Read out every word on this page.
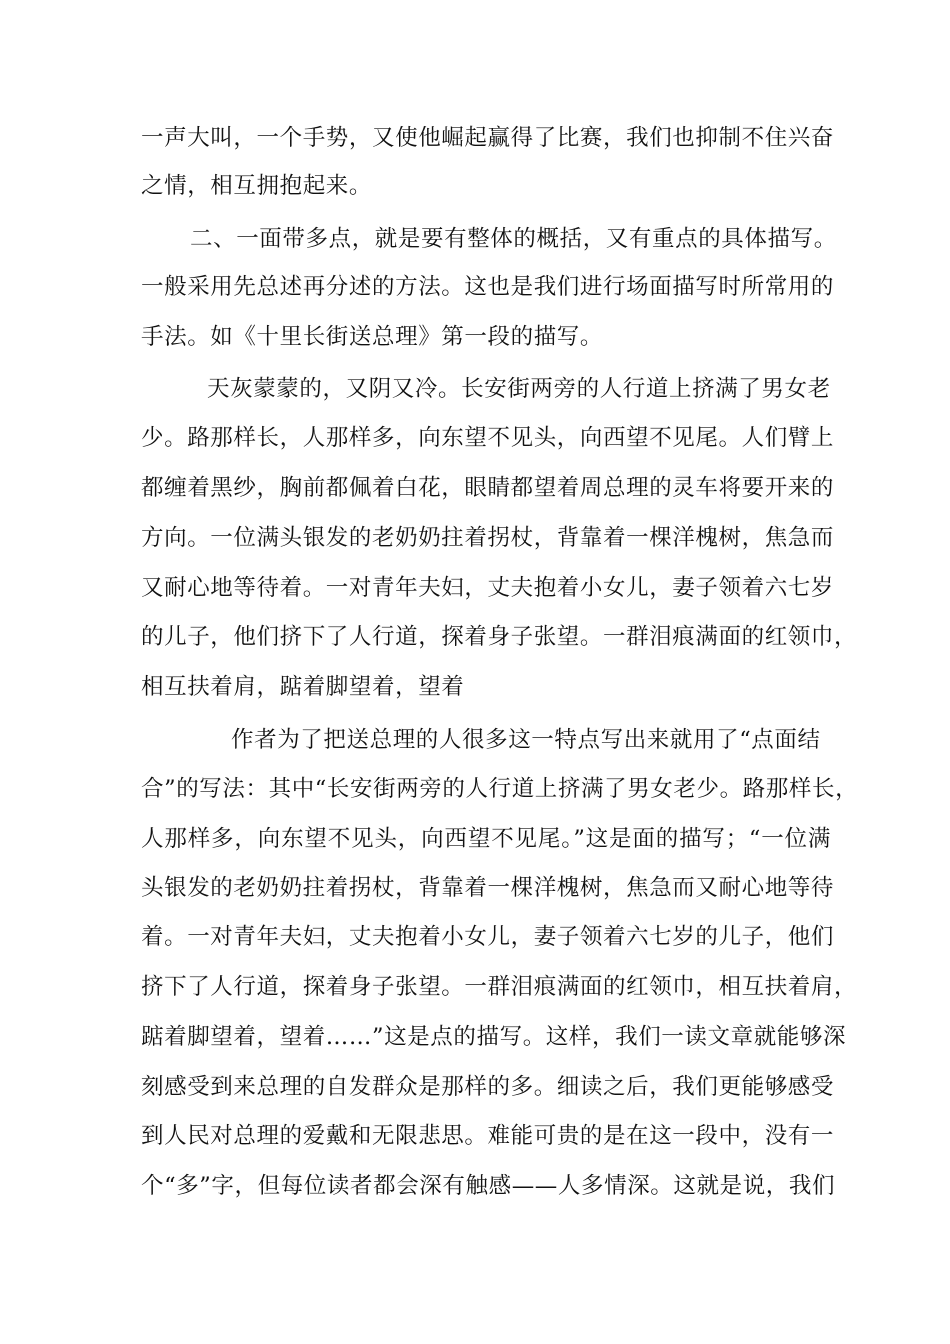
一声大叫，一个手势，又使他崛起赢得了比赛，我们也抑制不住兴奋
之情，相互拥抱起来。
二、一面带多点，就是要有整体的概括，又有重点的具体描写。
一般采用先总述再分述的方法。这也是我们进行场面描写时所常用的
手法。如《十里长街送总理》第一段的描写。
天灰蒙蒙的，又阴又冷。长安街两旁的人行道上挤满了男女老
少。路那样长，人那样多，向东望不见头，向西望不见尾。人们臂上
都缠着黑纱，胸前都佩着白花，眼睛都望着周总理的灵车将要开来的
方向。一位满头银发的老奶奶拄着拐杖，背靠着一棵洋槐树，焦急而
又耐心地等待着。一对青年夫妇，丈夫抱着小女儿，妻子领着六七岁
的儿子，他们挤下了人行道，探着身子张望。一群泪痕满面的红领巾，
相互扶着肩，踮着脚望着，望着
作者为了把送总理的人很多这一特点写出来就用了“点面结
合”的写法：其中“长安街两旁的人行道上挤满了男女老少。路那样长，
人那样多，向东望不见头，向西望不见尾。”这是面的描写；“一位满
头银发的老奶奶拄着拐杖，背靠着一棵洋槐树，焦急而又耐心地等待
着。一对青年夫妇，丈夫抱着小女儿，妻子领着六七岁的儿子，他们
挤下了人行道，探着身子张望。一群泪痕满面的红领巾，相互扶着肩，
踮着脚望着，望着……”这是点的描写。这样，我们一读文章就能够深
刻感受到来总理的自发群众是那样的多。细读之后，我们更能够感受
到人民对总理的爱戴和无限悲思。难能可贵的是在这一段中，没有一
个“多”字，但每位读者都会深有触感——人多情深。这就是说，我们
